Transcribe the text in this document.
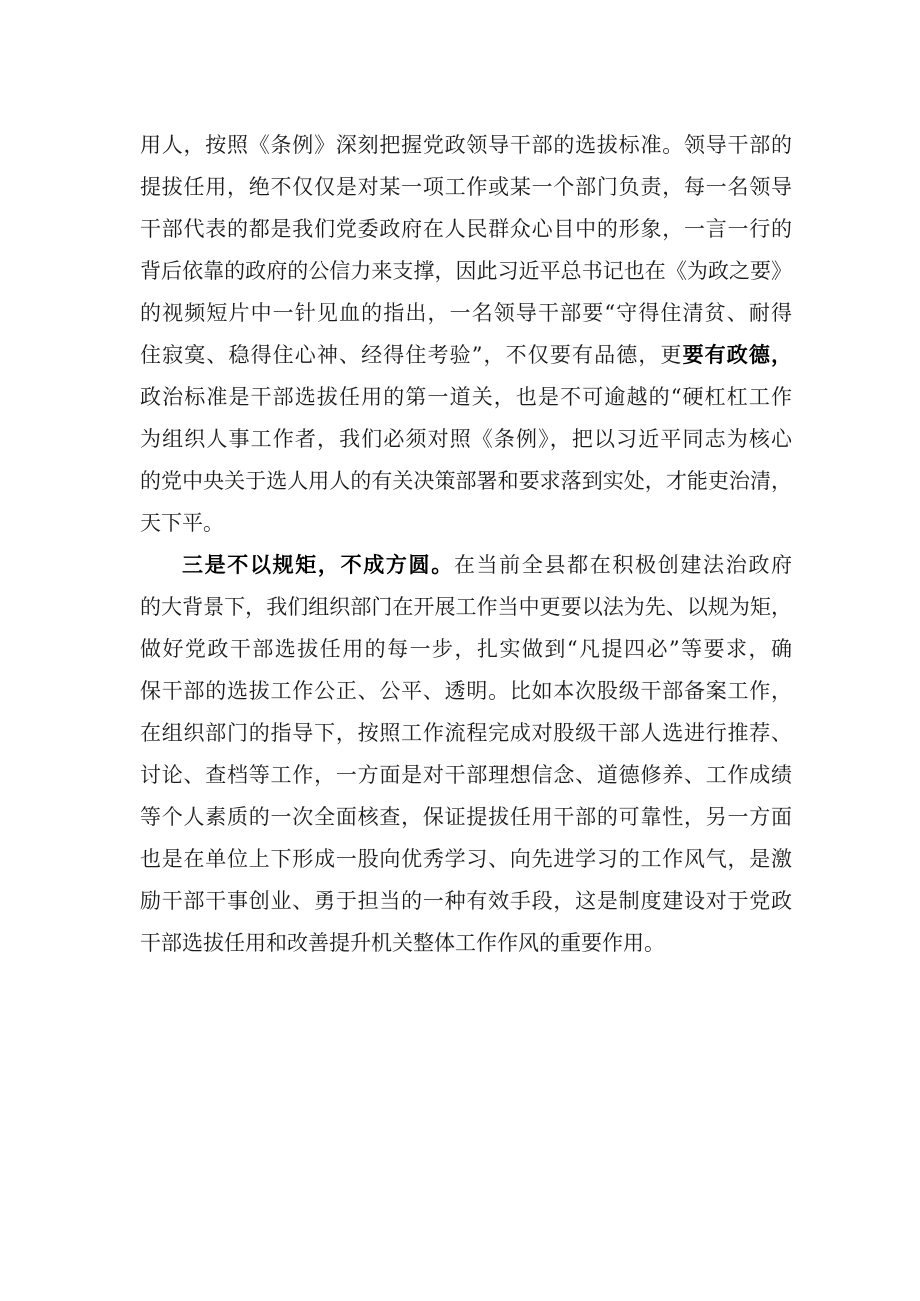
用人，按照《条例》深刻把握党政领导干部的选拔标准。领导干部的
提拔任用，绝不仅仅是对某一项工作或某一个部门负责，每一名领导
干部代表的都是我们党委政府在人民群众心目中的形象，一言一行的
背后依靠的政府的公信力来支撑，因此习近平总书记也在《为政之要》
的视频短片中一针见血的指出，一名领导干部要“守得住清贫、耐得
住寂寞、稳得住心神、经得住考验”，不仅要有品德，更要有政德，
政治标准是干部选拔任用的第一道关，也是不可逾越的“硬杠杠工作
为组织人事工作者，我们必须对照《条例》，把以习近平同志为核心
的党中央关于选人用人的有关决策部署和要求落到实处，才能吏治清，
天下平。
三是不以规矩，不成方圆。在当前全县都在积极创建法治政府
的大背景下，我们组织部门在开展工作当中更要以法为先、以规为矩，
做好党政干部选拔任用的每一步，扎实做到“凡提四必”等要求，确
保干部的选拔工作公正、公平、透明。比如本次股级干部备案工作，
在组织部门的指导下，按照工作流程完成对股级干部人选进行推荐、
讨论、查档等工作，一方面是对干部理想信念、道德修养、工作成绩
等个人素质的一次全面核查，保证提拔任用干部的可靠性，另一方面
也是在单位上下形成一股向优秀学习、向先进学习的工作风气，是激
励干部干事创业、勇于担当的一种有效手段，这是制度建设对于党政
干部选拔任用和改善提升机关整体工作作风的重要作用。
